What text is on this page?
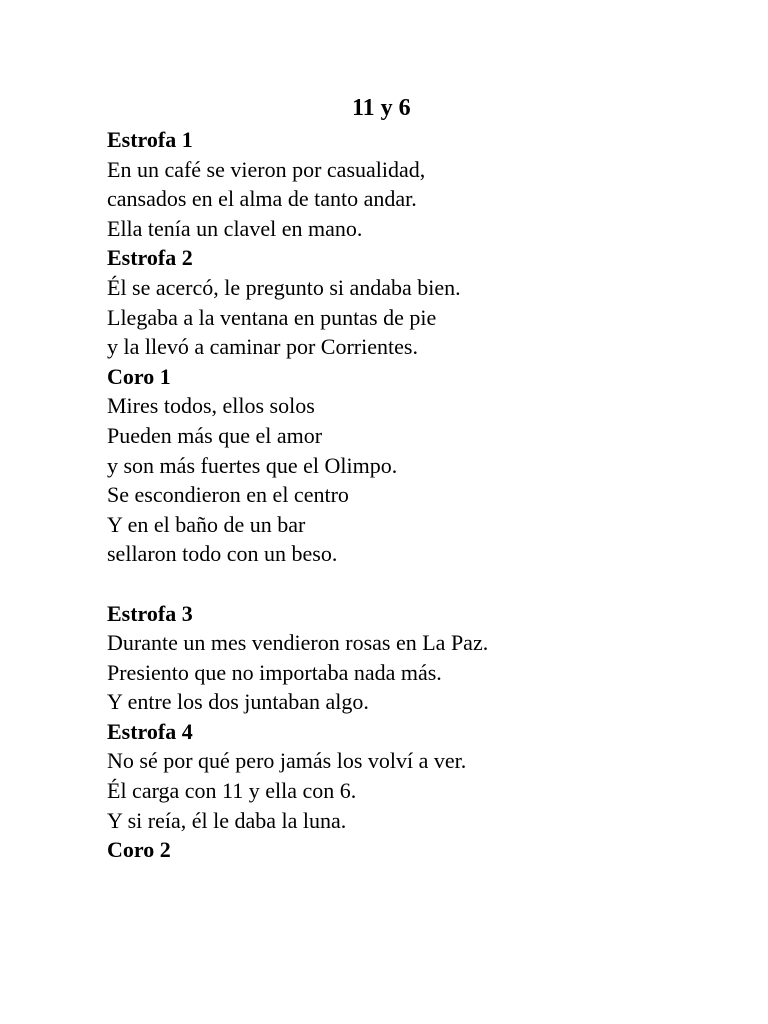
11 y 6
Estrofa 1
En un café se vieron por casualidad,
cansados en el alma de tanto andar.
Ella tenía un clavel en mano.
Estrofa 2
Él se acercó, le pregunto si andaba bien.
Llegaba a la ventana en puntas de pie
y la llevó a caminar por Corrientes.
Coro 1
Mires todos, ellos solos
Pueden más que el amor
y son más fuertes que el Olimpo.
Se escondieron en el centro
Y en el baño de un bar
sellaron todo con un beso.
Estrofa 3
Durante un mes vendieron rosas en La Paz.
Presiento que no importaba nada más.
Y entre los dos juntaban algo.
Estrofa 4
No sé por qué pero jamás los volví a ver.
Él carga con 11 y ella con 6.
Y si reía, él le daba la luna.
Coro 2
